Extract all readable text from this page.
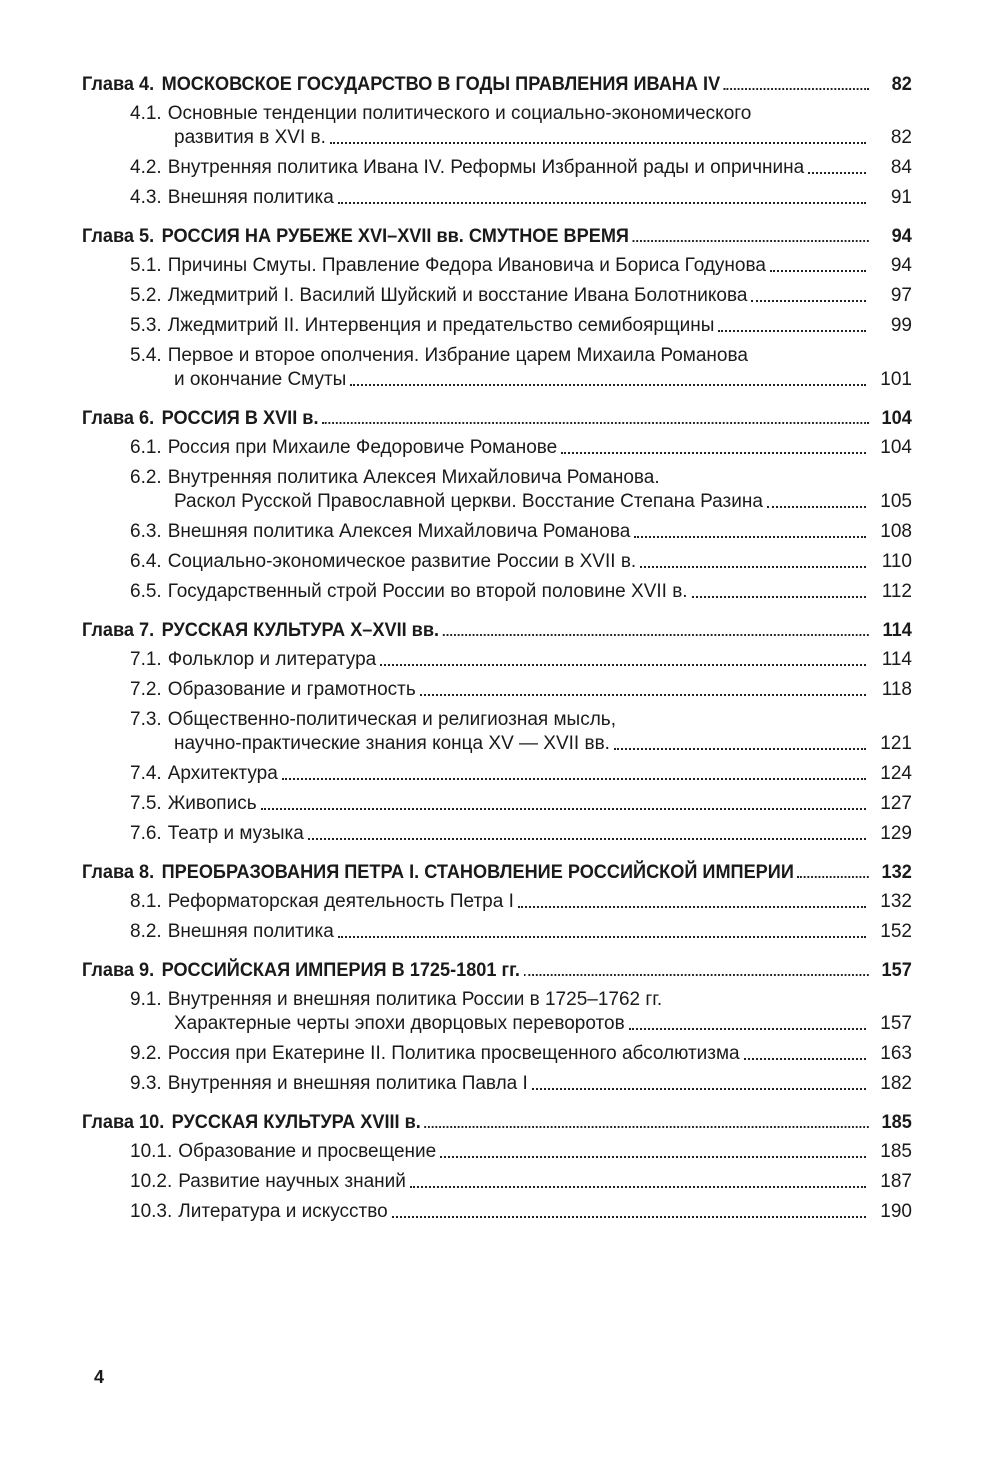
Глава 4. МОСКОВСКОЕ ГОСУДАРСТВО В ГОДЫ ПРАВЛЕНИЯ ИВАНА IV	82
4.1. Основные тенденции политического и социально-экономического
развития в XVI в.	82
4.2. Внутренняя политика Ивана IV. Реформы Избранной рады и опричнина	84
4.3. Внешняя политика	91
Глава 5. РОССИЯ НА РУБЕЖЕ XVI–XVII вв. СМУТНОЕ ВРЕМЯ	94
5.1. Причины Смуты. Правление Федора Ивановича и Бориса Годунова	94
5.2. Лжедмитрий I. Василий Шуйский и восстание Ивана Болотникова	97
5.3. Лжедмитрий II. Интервенция и предательство семибоярщины	99
5.4. Первое и второе ополчения. Избрание царем Михаила Романова
и окончание Смуты	101
Глава 6. РОССИЯ В XVII в.	104
6.1. Россия при Михаиле Федоровиче Романове	104
6.2. Внутренняя политика Алексея Михайловича Романова.
Раскол Русской Православной церкви. Восстание Степана Разина	105
6.3. Внешняя политика Алексея Михайловича Романова	108
6.4. Социально-экономическое развитие России в XVII в.	110
6.5. Государственный строй России во второй половине XVII в.	112
Глава 7. РУССКАЯ КУЛЬТУРА X–XVII вв.	114
7.1. Фольклор и литература	114
7.2. Образование и грамотность	118
7.3. Общественно-политическая и религиозная мысль,
научно-практические знания конца XV — XVII вв.	121
7.4. Архитектура	124
7.5. Живопись	127
7.6. Театр и музыка	129
Глава 8. ПРЕОБРАЗОВАНИЯ ПЕТРА I. СТАНОВЛЕНИЕ РОССИЙСКОЙ ИМПЕРИИ	132
8.1. Реформаторская деятельность Петра I	132
8.2. Внешняя политика	152
Глава 9. РОССИЙСКАЯ ИМПЕРИЯ В 1725-1801 гг.	157
9.1. Внутренняя и внешняя политика России в 1725–1762 гг.
Характерные черты эпохи дворцовых переворотов	157
9.2. Россия при Екатерине II. Политика просвещенного абсолютизма	163
9.3. Внутренняя и внешняя политика Павла I	182
Глава 10. РУССКАЯ КУЛЬТУРА XVIII в.	185
10.1. Образование и просвещение	185
10.2. Развитие научных знаний	187
10.3. Литература и искусство	190
4
